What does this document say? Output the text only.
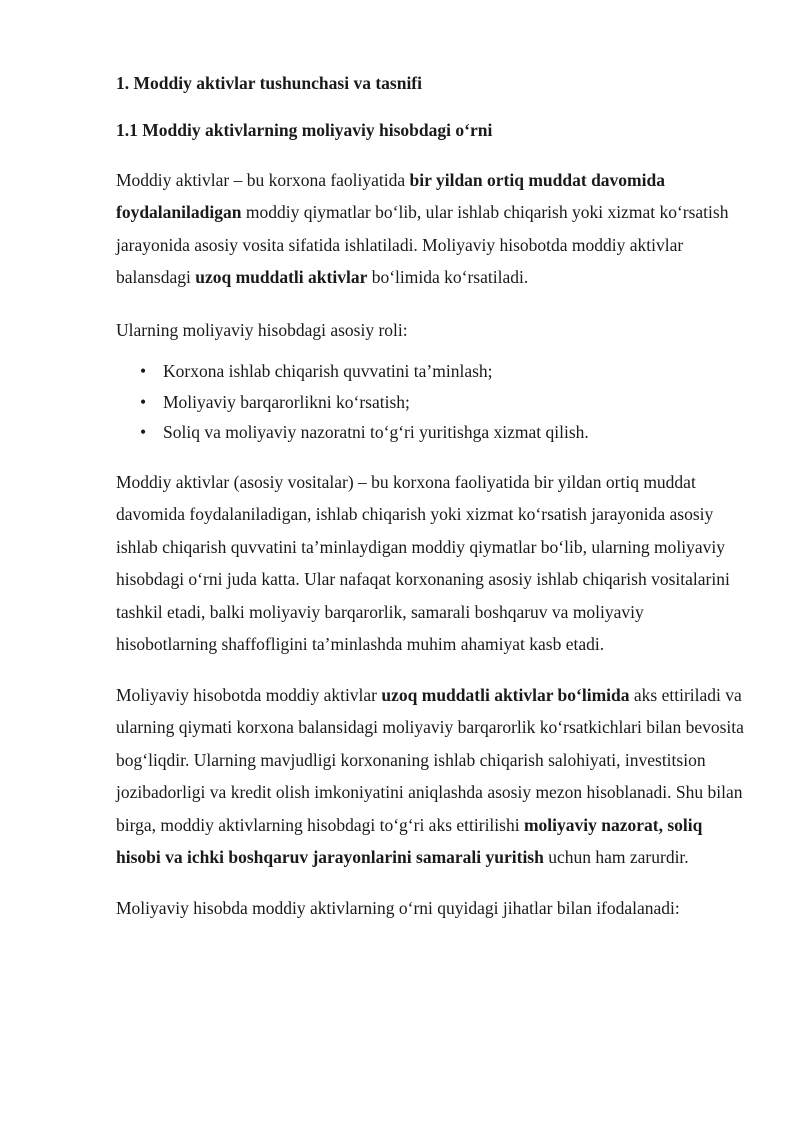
1. Moddiy aktivlar tushunchasi va tasnifi
1.1 Moddiy aktivlarning moliyaviy hisobdagi o‘rni

Moddiy aktivlar – bu korxona faoliyatida bir yildan ortiq muddat davomida foydalaniladigan moddiy qiymatlar bo‘lib, ular ishlab chiqarish yoki xizmat ko‘rsatish jarayonida asosiy vosita sifatida ishlatiladi. Moliyaviy hisobotda moddiy aktivlar balansdagi uzoq muddatli aktivlar bo‘limida ko‘rsatiladi.

Ularning moliyaviy hisobdagi asosiy roli:

• Korxona ishlab chiqarish quvvatini ta’minlash;
• Moliyaviy barqarorlikni ko‘rsatish;
• Soliq va moliyaviy nazoratni to‘g‘ri yuritishga xizmat qilish.

Moddiy aktivlar (asosiy vositalar) – bu korxona faoliyatida bir yildan ortiq muddat davomida foydalaniladigan, ishlab chiqarish yoki xizmat ko‘rsatish jarayonida asosiy ishlab chiqarish quvvatini ta’minlaydigan moddiy qiymatlar bo‘lib, ularning moliyaviy hisobdagi o‘rni juda katta. Ular nafaqat korxonaning asosiy ishlab chiqarish vositalarini tashkil etadi, balki moliyaviy barqarorlik, samarali boshqaruv va moliyaviy hisobotlarning shaffofligini ta’minlashda muhim ahamiyat kasb etadi.

Moliyaviy hisobotda moddiy aktivlar uzoq muddatli aktivlar bo‘limida aks ettiriladi va ularning qiymati korxona balansidagi moliyaviy barqarorlik ko‘rsatkichlari bilan bevosita bog‘liqdir. Ularning mavjudligi korxonaning ishlab chiqarish salohiyati, investitsion jozibadorligi va kredit olish imkoniyatini aniqlashda asosiy mezon hisoblanadi. Shu bilan birga, moddiy aktivlarning hisobdagi to‘g‘ri aks ettirilishi moliyaviy nazorat, soliq hisobi va ichki boshqaruv jarayonlarini samarali yuritish uchun ham zarurdir.

Moliyaviy hisobda moddiy aktivlarning o‘rni quyidagi jihatlar bilan ifodalanadi:
